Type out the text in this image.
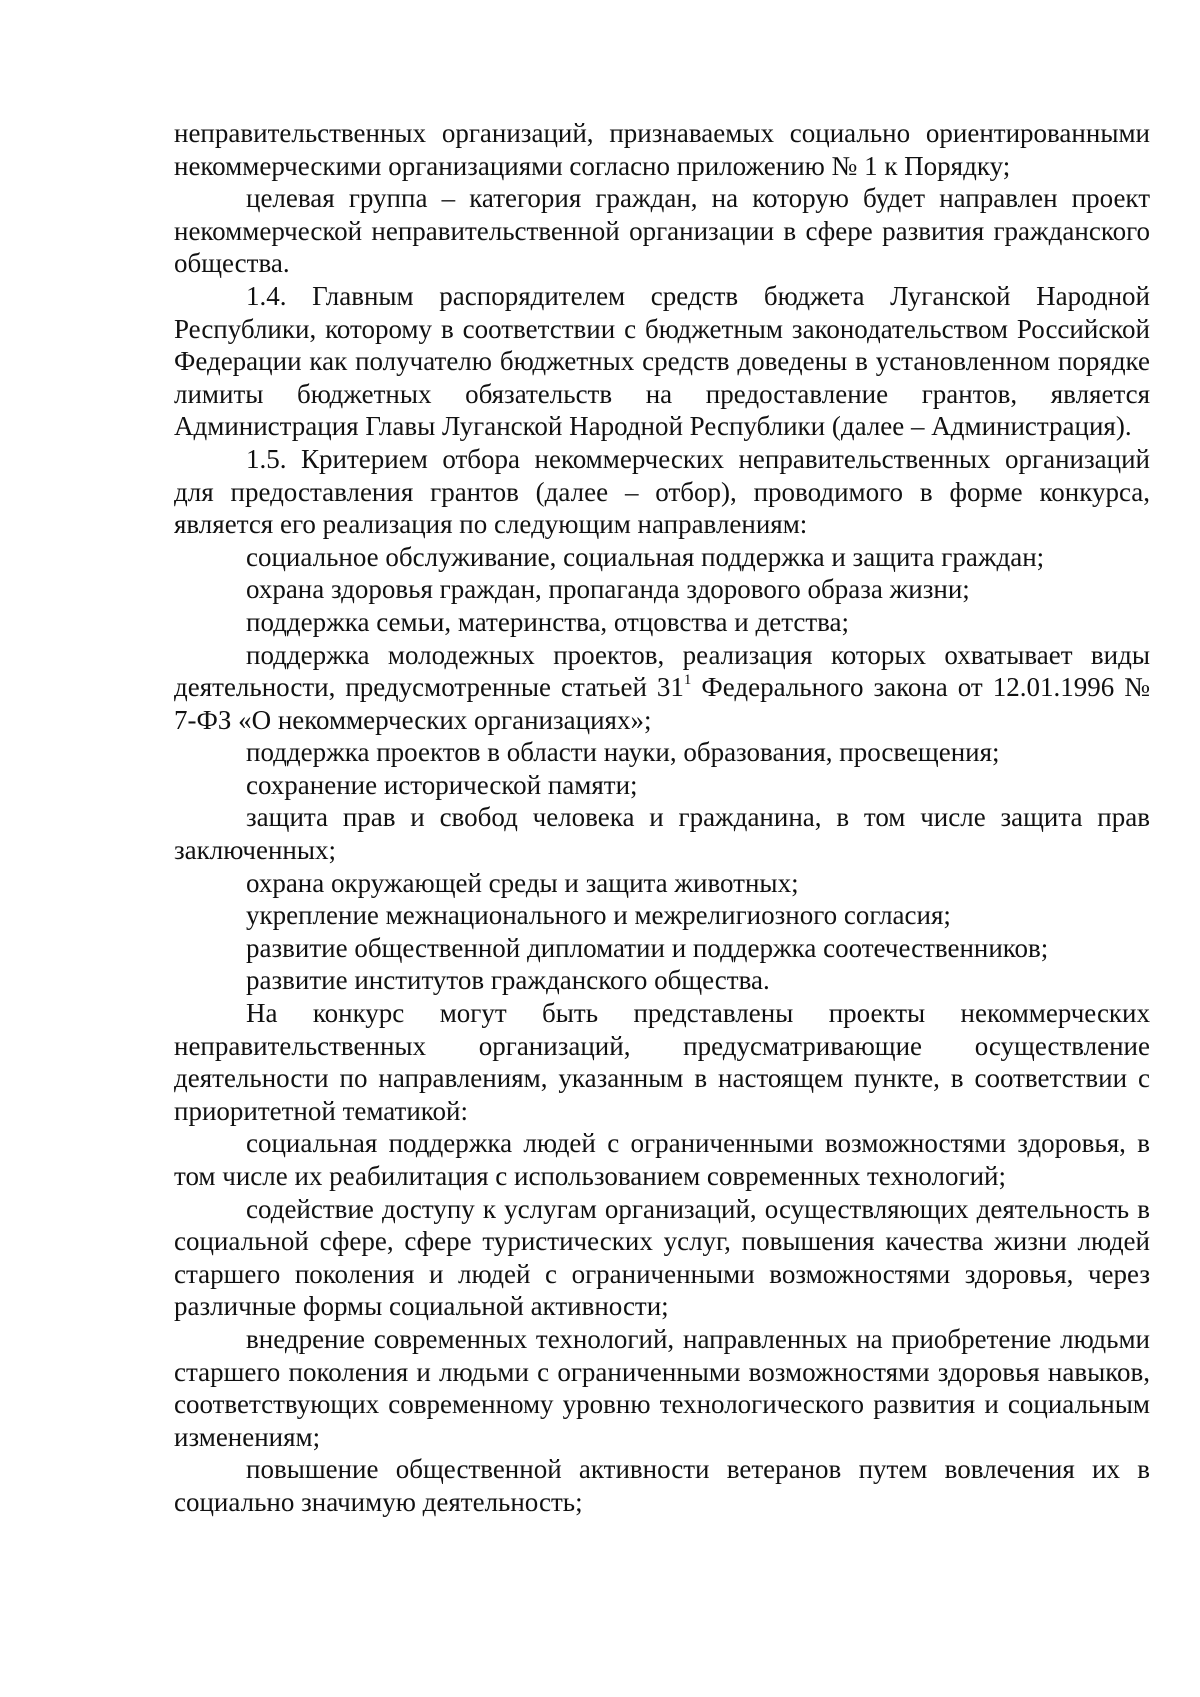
неправительственных организаций, признаваемых социально ориентированными некоммерческими организациями согласно приложению № 1 к Порядку;

целевая группа – категория граждан, на которую будет направлен проект некоммерческой неправительственной организации в сфере развития гражданского общества.

1.4. Главным распорядителем средств бюджета Луганской Народной Республики, которому в соответствии с бюджетным законодательством Российской Федерации как получателю бюджетных средств доведены в установленном порядке лимиты бюджетных обязательств на предоставление грантов, является Администрация Главы Луганской Народной Республики (далее – Администрация).

1.5. Критерием отбора некоммерческих неправительственных организаций для предоставления грантов (далее – отбор), проводимого в форме конкурса, является его реализация по следующим направлениям:

социальное обслуживание, социальная поддержка и защита граждан;

охрана здоровья граждан, пропаганда здорового образа жизни;

поддержка семьи, материнства, отцовства и детства;

поддержка молодежных проектов, реализация которых охватывает виды деятельности, предусмотренные статьей $31^1$ Федерального закона от 12.01.1996 № 7-ФЗ «О некоммерческих организациях»;

поддержка проектов в области науки, образования, просвещения;

сохранение исторической памяти;

защита прав и свобод человека и гражданина, в том числе защита прав заключенных;

охрана окружающей среды и защита животных;

укрепление межнационального и межрелигиозного согласия;

развитие общественной дипломатии и поддержка соотечественников;

развитие институтов гражданского общества.

На конкурс могут быть представлены проекты некоммерческих неправительственных организаций, предусматривающие осуществление деятельности по направлениям, указанным в настоящем пункте, в соответствии с приоритетной тематикой:

социальная поддержка людей с ограниченными возможностями здоровья, в том числе их реабилитация с использованием современных технологий;

содействие доступу к услугам организаций, осуществляющих деятельность в социальной сфере, сфере туристических услуг, повышения качества жизни людей старшего поколения и людей с ограниченными возможностями здоровья, через различные формы социальной активности;

внедрение современных технологий, направленных на приобретение людьми старшего поколения и людьми с ограниченными возможностями здоровья навыков, соответствующих современному уровню технологического развития и социальным изменениям;

повышение общественной активности ветеранов путем вовлечения их в социально значимую деятельность;
